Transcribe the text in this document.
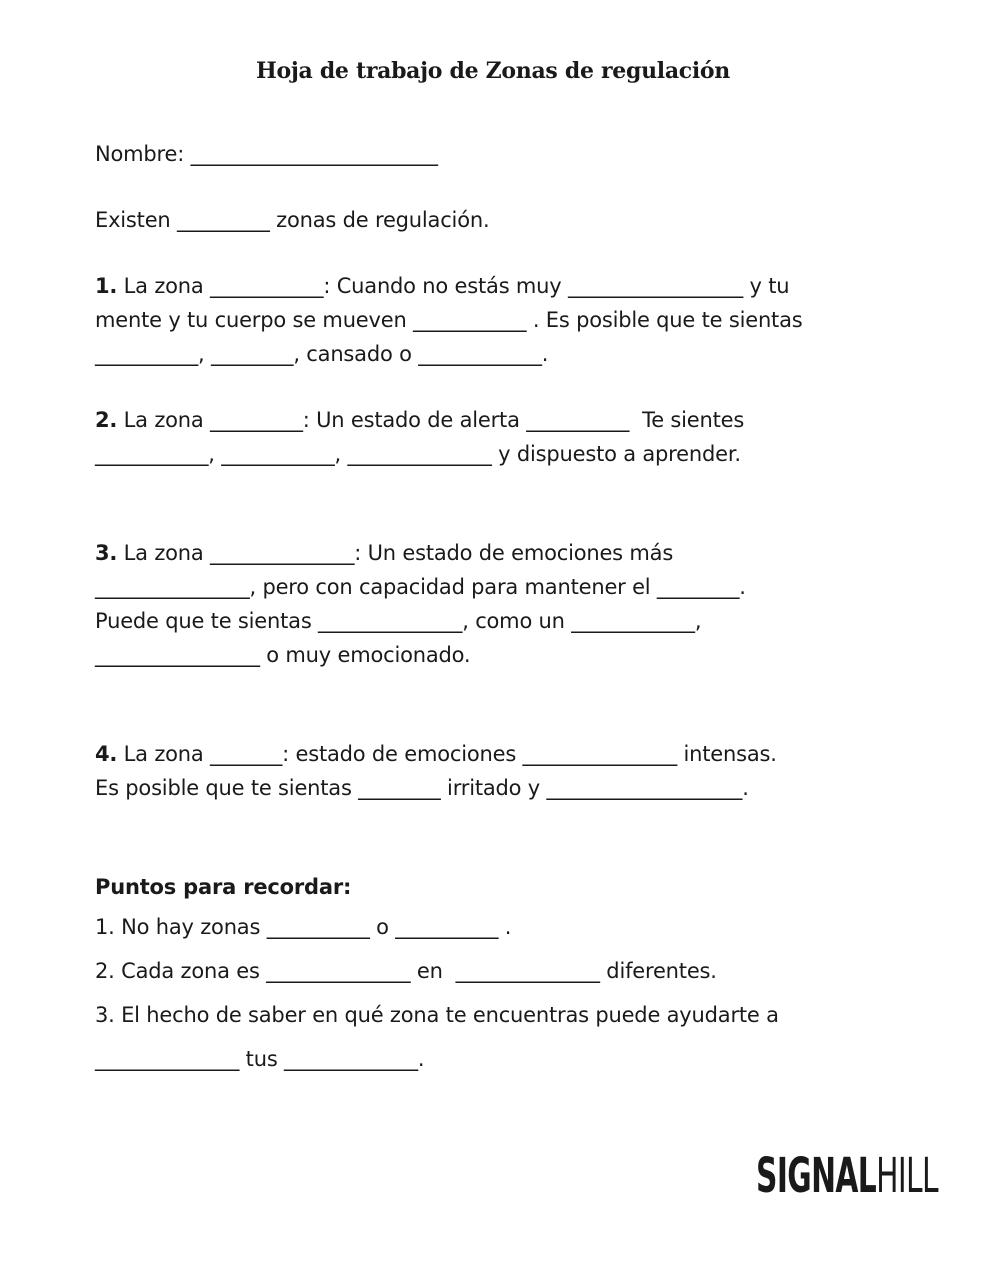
Hoja de trabajo de Zonas de regulación
Nombre: ________________________
Existen _________ zonas de regulación.
1. La zona ___________: Cuando no estás muy _________________ y tu
mente y tu cuerpo se mueven ___________ . Es posible que te sientas
__________, ________, cansado o ____________.
2. La zona _________: Un estado de alerta __________  Te sientes
___________, ___________, ______________ y dispuesto a aprender.
3. La zona ______________: Un estado de emociones más
_______________, pero con capacidad para mantener el ________.
Puede que te sientas ______________, como un ____________,
________________ o muy emocionado.
4. La zona _______: estado de emociones _______________ intensas.
Es posible que te sientas ________ irritado y ___________________.
Puntos para recordar:
1. No hay zonas __________ o __________ .
2. Cada zona es ______________ en  ______________ diferentes.
3. El hecho de saber en qué zona te encuentras puede ayudarte a
______________ tus _____________.
SIGNAL HILL
